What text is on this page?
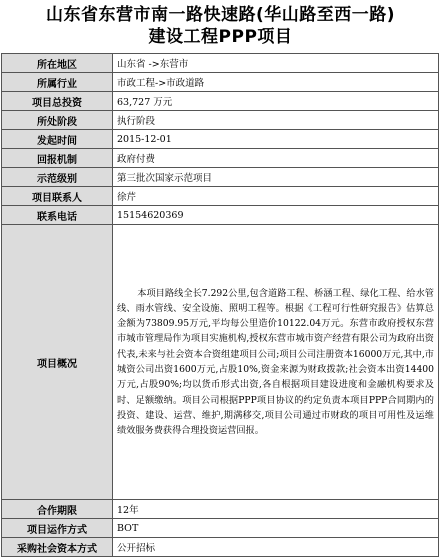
山东省东营市南一路快速路(华山路至西一路)
建设工程PPP项目
所在地区	山东省 ->东营市
所属行业	市政工程->市政道路
项目总投资	63,727 万元
所处阶段	执行阶段
发起时间	2015-12-01
回报机制	政府付费
示范级别	第三批次国家示范项目
项目联系人	徐芹
联系电话	15154620369
项目概况	本项目路线全长7.292公里,包含道路工程、桥涵工程、绿化工程、给水管线、雨水管线、安全设施、照明工程等。根据《工程可行性研究报告》估算总金额为73809.95万元,平均每公里造价10122.04万元。东营市政府授权东营市城市管理局作为项目实施机构,授权东营市城市资产经营有限公司为政府出资代表,未来与社会资本合资组建项目公司;项目公司注册资本16000万元,其中,市城资公司出资1600万元,占股10%,资金来源为财政拨款;社会资本出资14400万元,占股90%;均以货币形式出资,各自根据项目建设进度和金融机构要求及时、足额缴纳。项目公司根据PPP项目协议的约定负责本项目PPP合同期内的投资、建设、运营、维护,期满移交,项目公司通过市财政的项目可用性及运维绩效服务费获得合理投资运营回报。
合作期限	12年
项目运作方式	BOT
采购社会资本方式	公开招标
